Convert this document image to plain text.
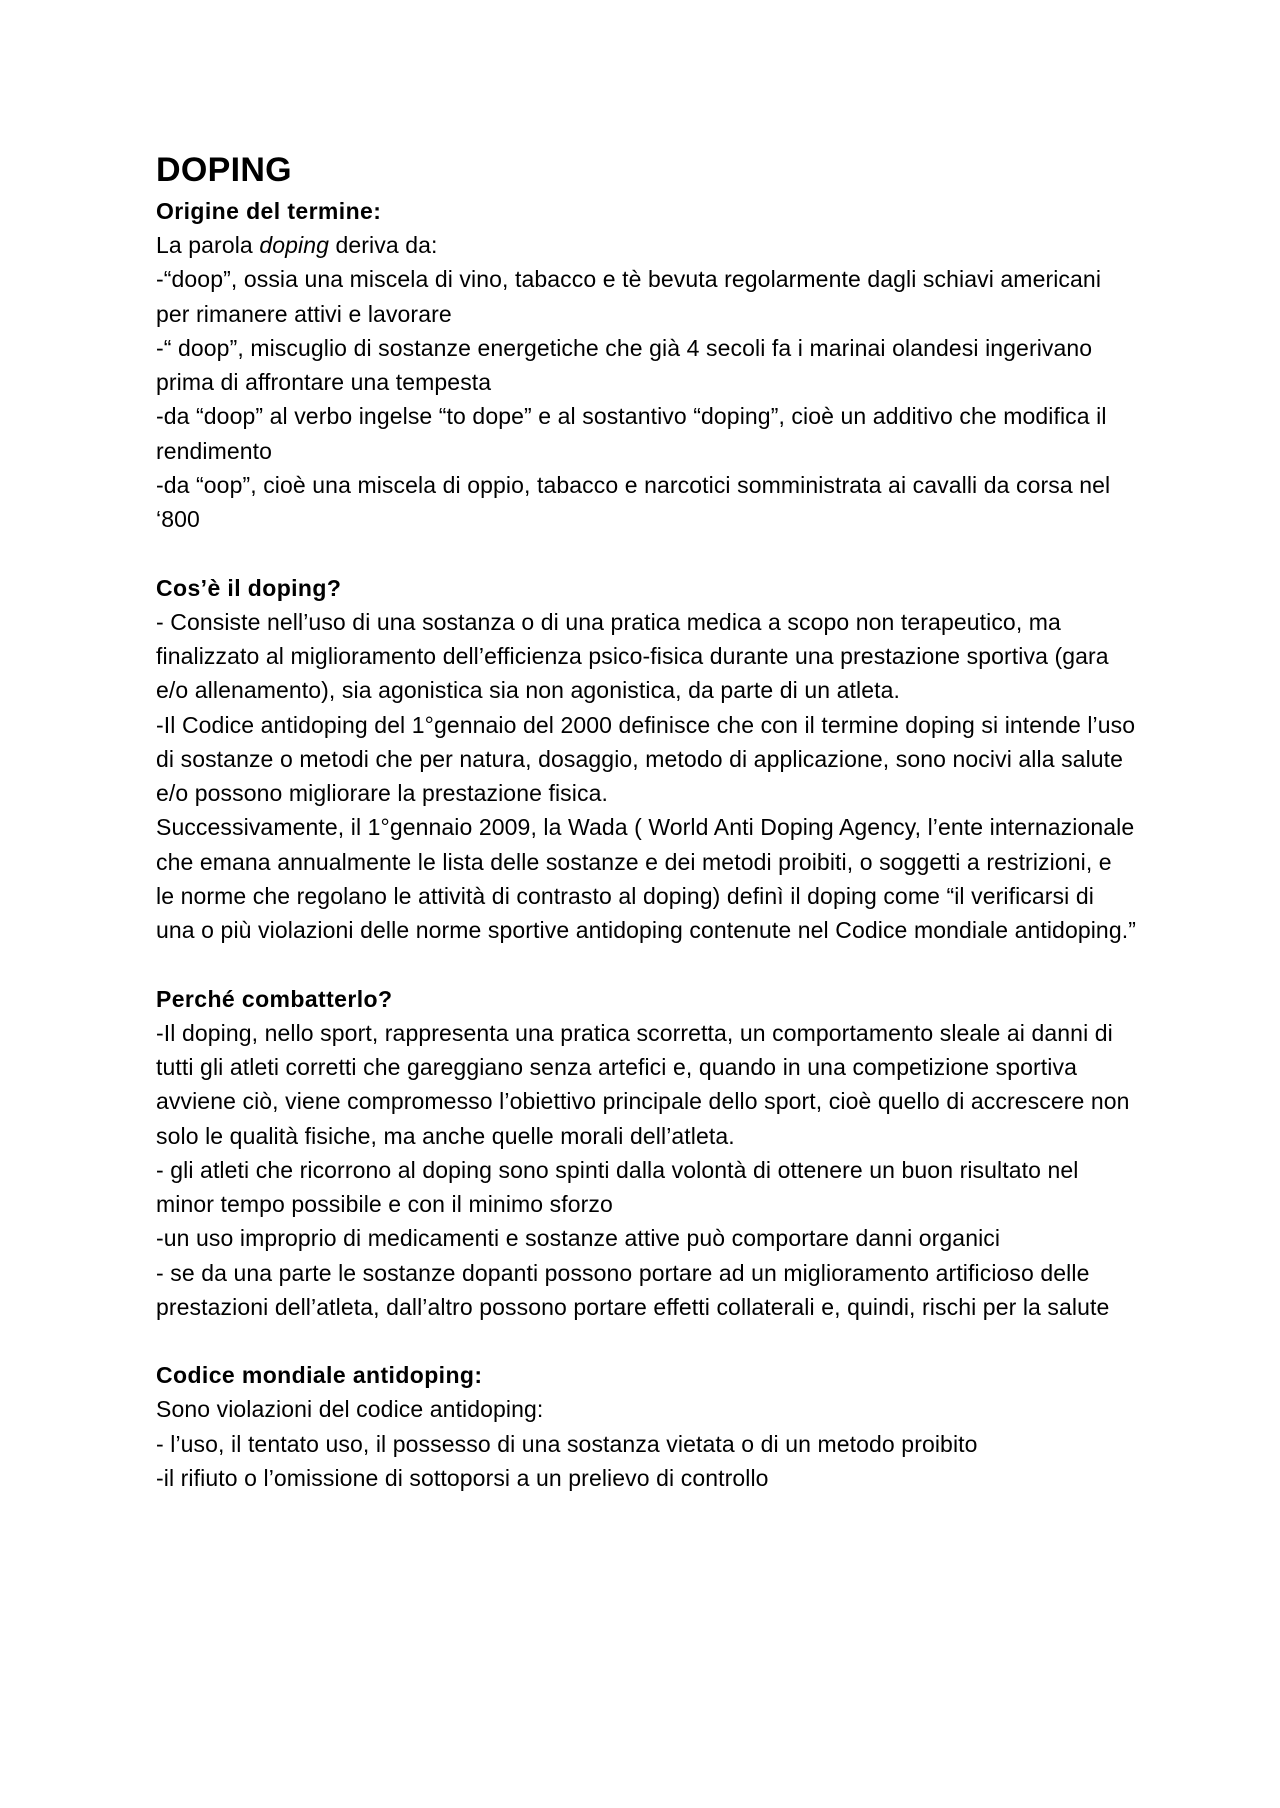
DOPING
Origine del termine:

La parola doping deriva da:

-“doop”, ossia una miscela di vino, tabacco e tè bevuta regolarmente dagli schiavi americani per rimanere attivi e lavorare

-“ doop”, miscuglio di sostanze energetiche che già 4 secoli fa i marinai olandesi ingerivano prima di affrontare una tempesta

-da “doop” al verbo ingelse “to dope” e al sostantivo “doping”, cioè un additivo che modifica il rendimento

-da “oop”, cioè una miscela di oppio, tabacco e narcotici somministrata ai cavalli da corsa nel ‘800

Cos’è il doping?

- Consiste nell’uso di una sostanza o di una pratica medica a scopo non terapeutico, ma finalizzato al miglioramento dell’efficienza psico-fisica durante una prestazione sportiva (gara e/o allenamento), sia agonistica sia non agonistica, da parte di un atleta.

-Il Codice antidoping del 1°gennaio del 2000 definisce che con il termine doping si intende l’uso di sostanze o metodi che per natura, dosaggio, metodo di applicazione, sono nocivi alla salute e/o possono migliorare la prestazione fisica.

Successivamente, il 1°gennaio 2009, la Wada ( World Anti Doping Agency, l’ente internazionale che emana annualmente le lista delle sostanze e dei metodi proibiti, o soggetti a restrizioni, e le norme che regolano le attività di contrasto al doping) definì il doping come “il verificarsi di una o più violazioni delle norme sportive antidoping contenute nel Codice mondiale antidoping.”

Perché combatterlo?

-Il doping, nello sport, rappresenta una pratica scorretta, un comportamento sleale ai danni di tutti gli atleti corretti che gareggiano senza artefici e, quando in una competizione sportiva avviene ciò, viene compromesso l’obiettivo principale dello sport, cioè quello di accrescere non solo le qualità fisiche, ma anche quelle morali dell’atleta.

- gli atleti che ricorrono al doping sono spinti dalla volontà di ottenere un buon risultato nel minor tempo possibile e con il minimo sforzo

-un uso improprio di medicamenti e sostanze attive può comportare danni organici

- se da una parte le sostanze dopanti possono portare ad un miglioramento artificioso delle prestazioni dell’atleta, dall’altro possono portare effetti collaterali e, quindi, rischi per la salute

Codice mondiale antidoping:

Sono violazioni del codice antidoping:

- l’uso, il tentato uso, il possesso di una sostanza vietata o di un metodo proibito

-il rifiuto o l’omissione di sottoporsi a un prelievo di controllo
